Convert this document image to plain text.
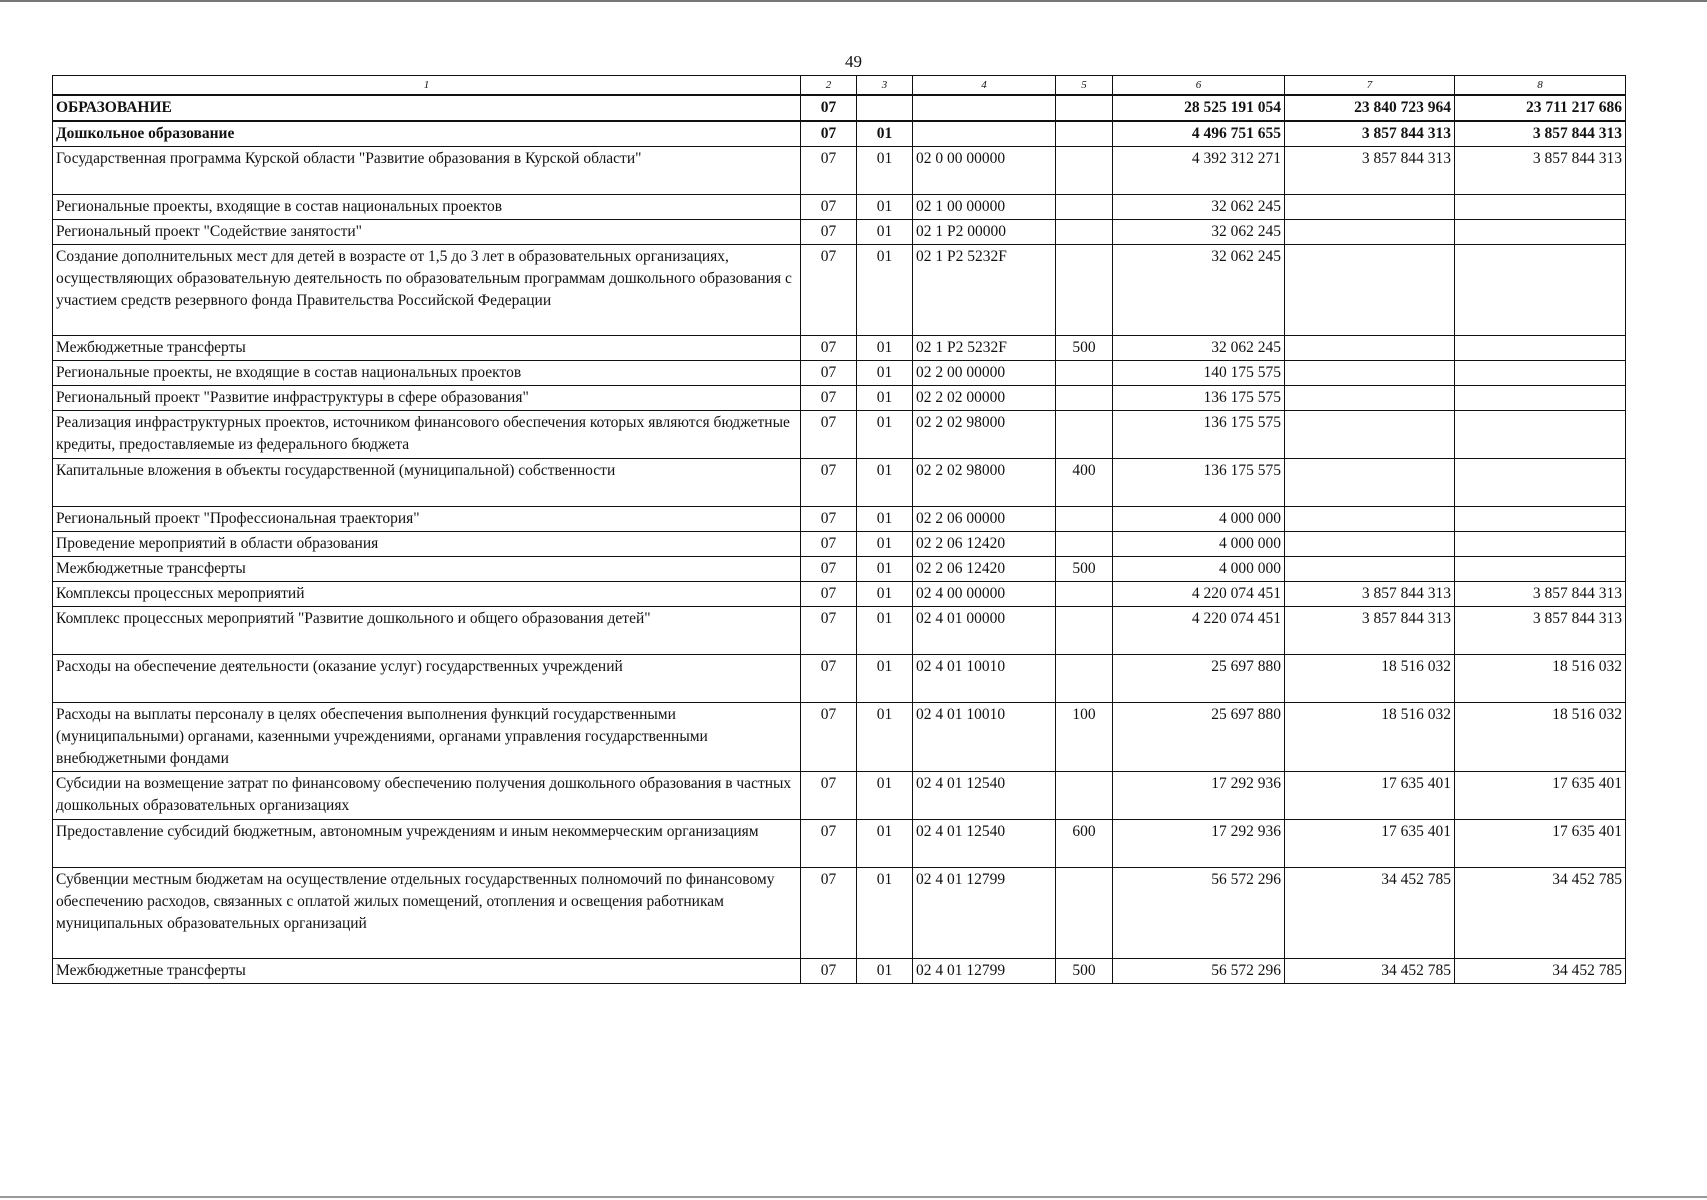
49
1	2	3	4	5	6	7	8
ОБРАЗОВАНИЕ	07				28 525 191 054	23 840 723 964	23 711 217 686
Дошкольное образование	07	01			4 496 751 655	3 857 844 313	3 857 844 313
Государственная программа Курской области "Развитие образования в Курской области"	07	01	02 0 00 00000		4 392 312 271	3 857 844 313	3 857 844 313
Региональные проекты, входящие в состав национальных проектов	07	01	02 1 00 00000		32 062 245		
Региональный проект "Содействие занятости"	07	01	02 1 P2 00000		32 062 245		
Создание дополнительных мест для детей в возрасте от 1,5 до 3 лет в образовательных организациях, осуществляющих образовательную деятельность по образовательным программам дошкольного образования с участием средств резервного фонда Правительства Российской Федерации	07	01	02 1 P2 5232F		32 062 245		
Межбюджетные трансферты	07	01	02 1 P2 5232F	500	32 062 245		
Региональные проекты, не входящие в состав национальных проектов	07	01	02 2 00 00000		140 175 575		
Региональный проект "Развитие инфраструктуры в сфере образования"	07	01	02 2 02 00000		136 175 575		
Реализация инфраструктурных проектов, источником финансового обеспечения которых являются бюджетные кредиты, предоставляемые из федерального бюджета	07	01	02 2 02 98000		136 175 575		
Капитальные вложения в объекты государственной (муниципальной) собственности	07	01	02 2 02 98000	400	136 175 575		
Региональный проект "Профессиональная траектория"	07	01	02 2 06 00000		4 000 000		
Проведение мероприятий в области образования	07	01	02 2 06 12420		4 000 000		
Межбюджетные трансферты	07	01	02 2 06 12420	500	4 000 000		
Комплексы процессных мероприятий	07	01	02 4 00 00000		4 220 074 451	3 857 844 313	3 857 844 313
Комплекс процессных мероприятий "Развитие дошкольного и общего образования детей"	07	01	02 4 01 00000		4 220 074 451	3 857 844 313	3 857 844 313
Расходы на обеспечение деятельности (оказание услуг) государственных учреждений	07	01	02 4 01 10010		25 697 880	18 516 032	18 516 032
Расходы на выплаты персоналу в целях обеспечения выполнения функций государственными (муниципальными) органами, казенными учреждениями, органами управления государственными внебюджетными фондами	07	01	02 4 01 10010	100	25 697 880	18 516 032	18 516 032
Субсидии на возмещение затрат по финансовому обеспечению получения дошкольного образования в частных дошкольных образовательных организациях	07	01	02 4 01 12540		17 292 936	17 635 401	17 635 401
Предоставление субсидий бюджетным, автономным учреждениям и иным некоммерческим организациям	07	01	02 4 01 12540	600	17 292 936	17 635 401	17 635 401
Субвенции местным бюджетам на осуществление отдельных государственных полномочий по финансовому обеспечению расходов, связанных с оплатой жилых помещений, отопления и освещения работникам муниципальных образовательных организаций	07	01	02 4 01 12799		56 572 296	34 452 785	34 452 785
Межбюджетные трансферты	07	01	02 4 01 12799	500	56 572 296	34 452 785	34 452 785
